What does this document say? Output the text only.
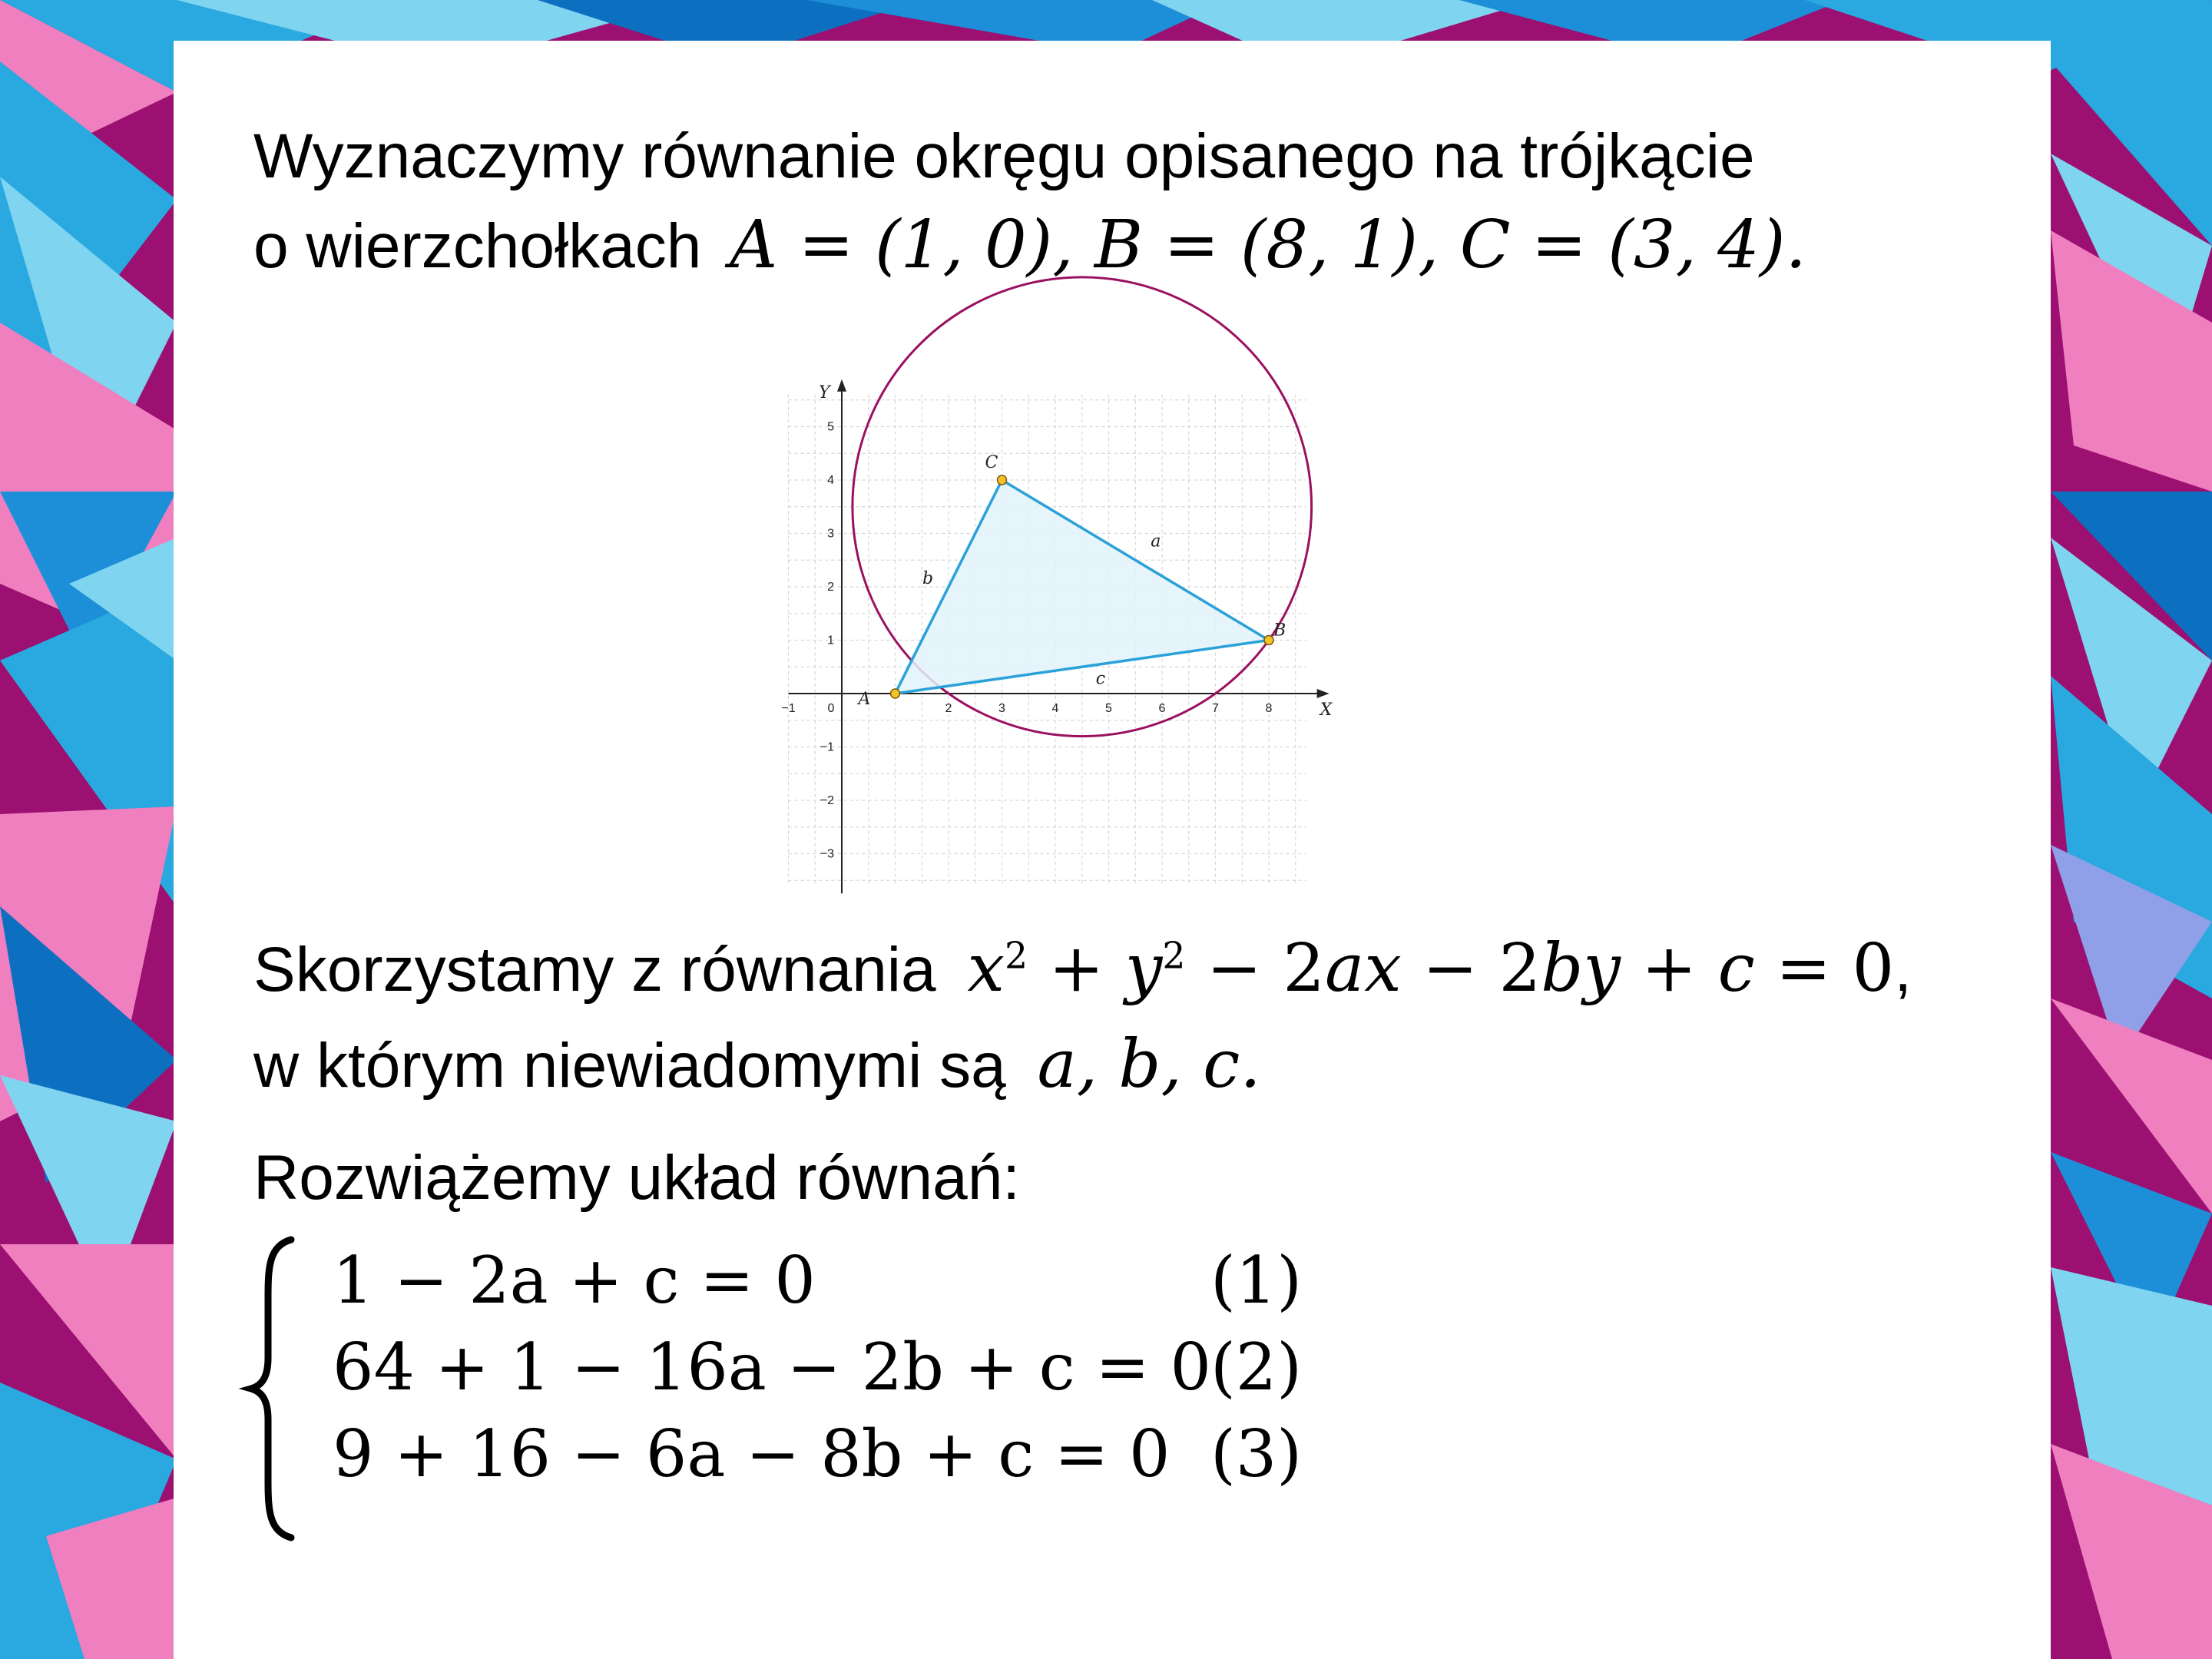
Wyznaczymy równanie okręgu opisanego na trójkącie
o wierzchołkach A = (1, 0), B = (8, 1), C = (3, 4).
−1	0	2	3	4	5	6	7	8
5
4
3
2
1
−1
−2
−3
X
Y
a
b
c
A
B
C
Skorzystamy z równania $x^2 + y^2 - 2ax - 2by + c = 0$,
w którym niewiadomymi są a, b, c.
Rozwiążemy układ równań:
1 − 2a + c = 0	(1)
64 + 1 − 16a − 2b + c = 0 (2)
9 + 16 − 6a − 8b + c = 0 (3)
